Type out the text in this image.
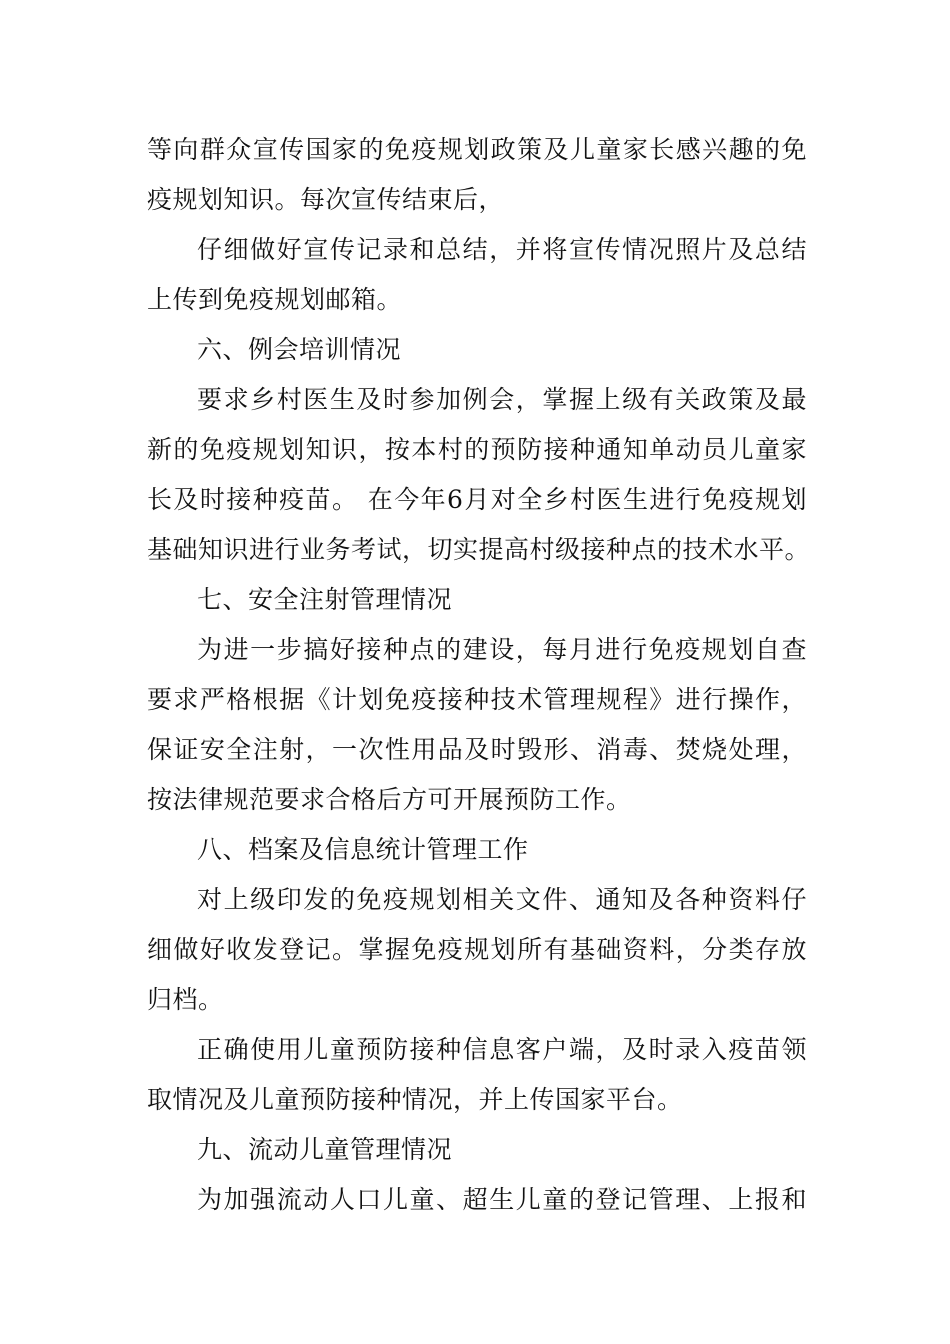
等向群众宣传国家的免疫规划政策及儿童家长感兴趣的免
疫规划知识。每次宣传结束后，
仔细做好宣传记录和总结，并将宣传情况照片及总结
上传到免疫规划邮箱。
六、例会培训情况
要求乡村医生及时参加例会，掌握上级有关政策及最
新的免疫规划知识，按本村的预防接种通知单动员儿童家
长及时接种疫苗。 在今年6月对全乡村医生进行免疫规划
基础知识进行业务考试，切实提高村级接种点的技术水平。
七、安全注射管理情况
为进一步搞好接种点的建设，每月进行免疫规划自查
要求严格根据《计划免疫接种技术管理规程》进行操作，
保证安全注射，一次性用品及时毁形、消毒、焚烧处理，
按法律规范要求合格后方可开展预防工作。
八、档案及信息统计管理工作
对上级印发的免疫规划相关文件、通知及各种资料仔
细做好收发登记。掌握免疫规划所有基础资料，分类存放
归档。
正确使用儿童预防接种信息客户端，及时录入疫苗领
取情况及儿童预防接种情况，并上传国家平台。
九、流动儿童管理情况
为加强流动人口儿童、超生儿童的登记管理、上报和
